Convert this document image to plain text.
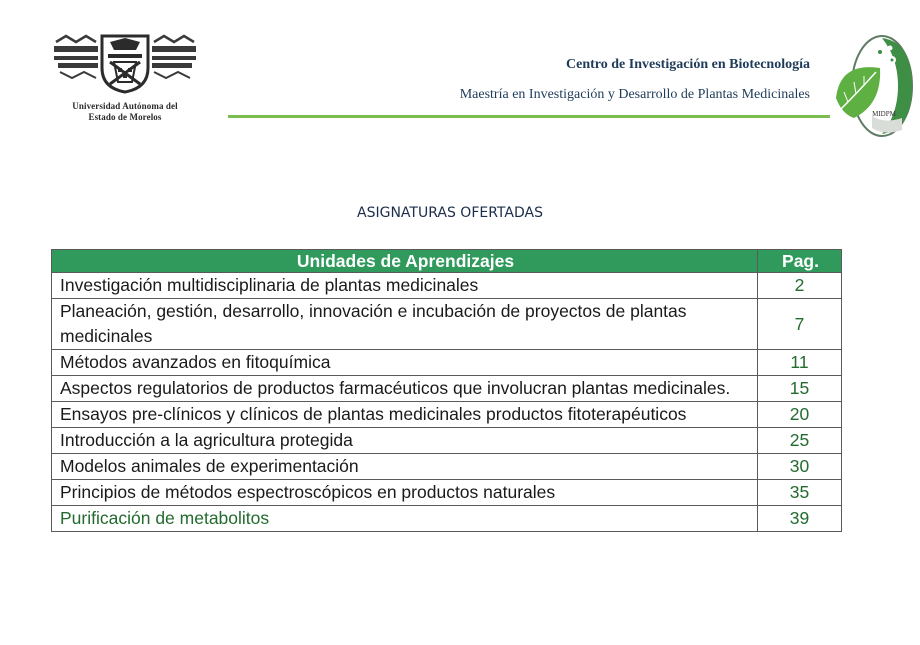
Universidad Autónoma del
Estado de Morelos
Centro de Investigación en Biotecnología
Maestría en Investigación y Desarrollo de Plantas Medicinales
MIDPM
ASIGNATURAS OFERTADAS
Unidades de Aprendizajes	Pag.
Investigación multidisciplinaria de plantas medicinales	2
Planeación, gestión, desarrollo, innovación e incubación de proyectos de plantas medicinales	7
Métodos avanzados en fitoquímica	11
Aspectos regulatorios de productos farmacéuticos que involucran plantas medicinales.	15
Ensayos pre-clínicos y clínicos de plantas medicinales productos fitoterapéuticos	20
Introducción a la agricultura protegida	25
Modelos animales de experimentación	30
Principios de métodos espectroscópicos en productos naturales	35
Purificación de metabolitos	39
